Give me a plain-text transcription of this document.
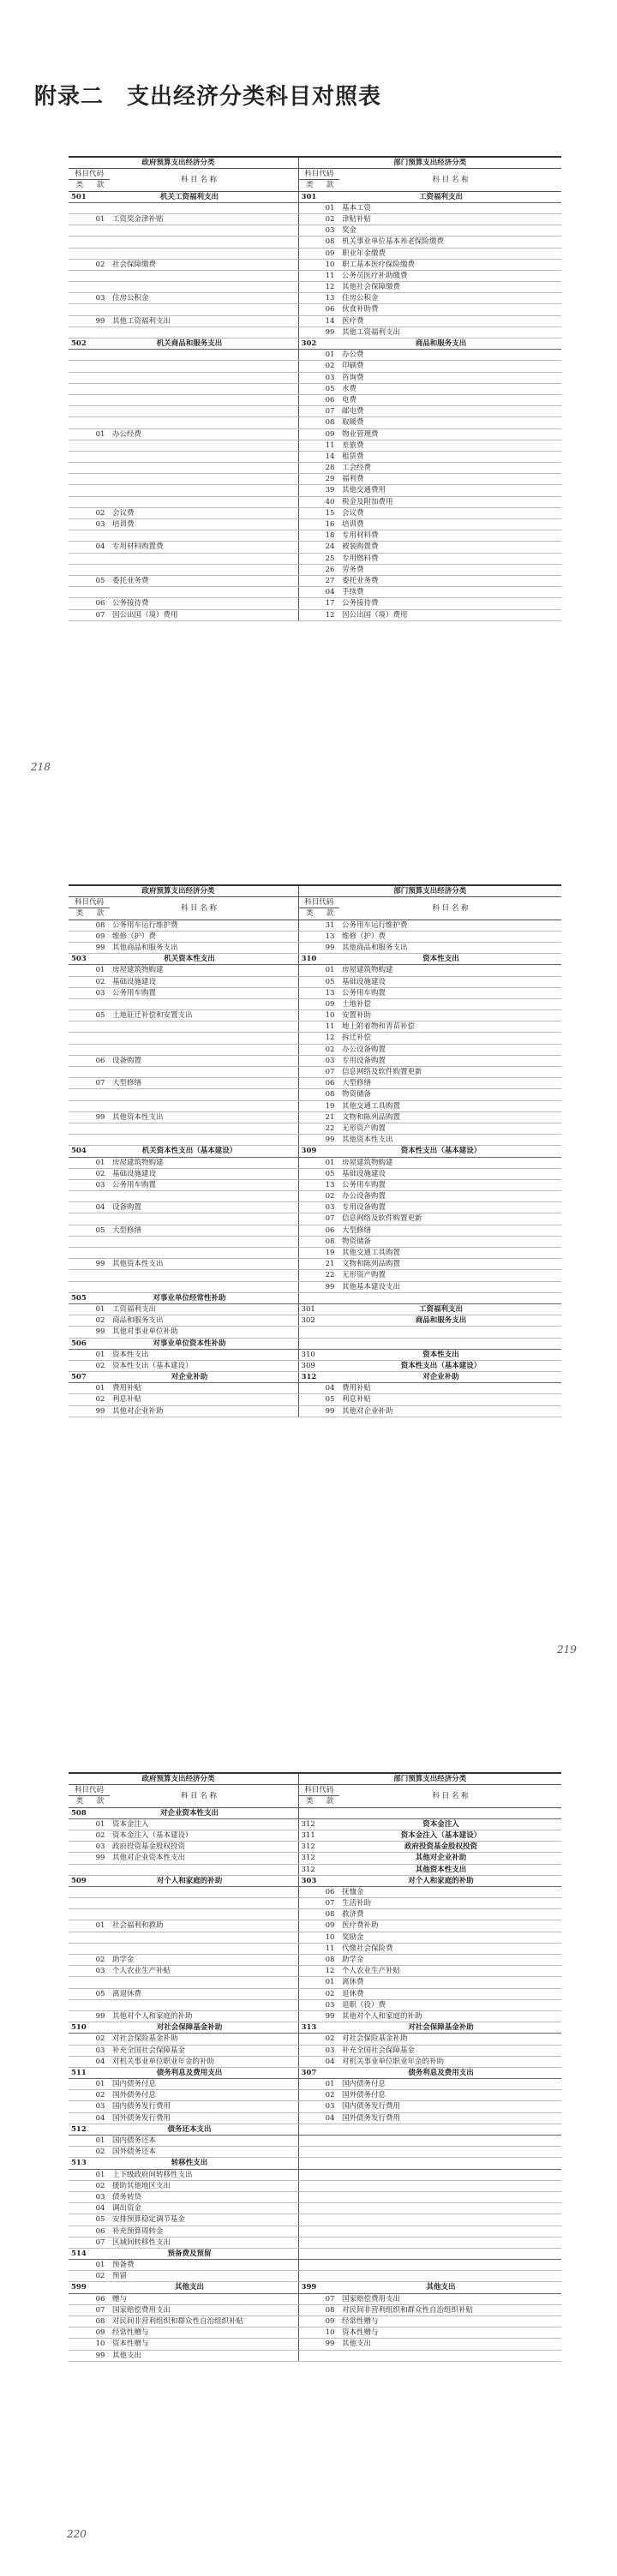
附录二　支出经济分类科目对照表
政府预算支出经济分类				部门预算支出经济分类		
科目代码		科 目 名 称		科目代码		科 目 名 称
类	款			类	款	
501	机关工资福利支出			301	工资福利支出	
					01	基本工资
	01	工资奖金津补贴			02	津贴补贴
					03	奖金
					08	机关事业单位基本养老保险缴费
					09	职业年金缴费
	02	社会保障缴费			10	职工基本医疗保险缴费
					11	公务员医疗补助缴费
					12	其他社会保障缴费
	03	住房公积金			13	住房公积金
					06	伙食补助费
	99	其他工资福利支出			14	医疗费
					99	其他工资福利支出
502	机关商品和服务支出			302	商品和服务支出	
					01	办公费
					02	印刷费
					03	咨询费
					05	水费
					06	电费
					07	邮电费
					08	取暖费
	01	办公经费			09	物业管理费
					11	差旅费
					14	租赁费
					28	工会经费
					29	福利费
					39	其他交通费用
					40	税金及附加费用
	02	会议费			15	会议费
	03	培训费			16	培训费
					18	专用材料费
	04	专用材料购置费			24	被装购置费
					25	专用燃料费
					26	劳务费
	05	委托业务费			27	委托业务费
					04	手续费
	06	公务接待费			17	公务接待费
	07	因公出国（境）费用			12	因公出国（境）费用
218
政府预算支出经济分类				部门预算支出经济分类		
科目代码		科 目 名 称		科目代码		科 目 名 称
类	款			类	款	
	08	公务用车运行维护费			31	公务用车运行维护费
	09	维修（护）费			13	维修（护）费
	99	其他商品和服务支出			99	其他商品和服务支出
503	机关资本性支出			310	资本性支出	
	01	房屋建筑物购建			01	房屋建筑物购建
	02	基础设施建设			05	基础设施建设
	03	公务用车购置			13	公务用车购置
					09	土地补偿
	05	土地征迁补偿和安置支出			10	安置补助
					11	地上附着物和青苗补偿
					12	拆迁补偿
					02	办公设备购置
	06	设备购置			03	专用设备购置
					07	信息网络及软件购置更新
	07	大型修缮			06	大型修缮
					08	物资储备
					19	其他交通工具购置
	99	其他资本性支出			21	文物和陈列品购置
					22	无形资产购置
					99	其他资本性支出
504	机关资本性支出（基本建设）			309	资本性支出（基本建设）	
	01	房屋建筑物购建			01	房屋建筑物购建
	02	基础设施建设			05	基础设施建设
	03	公务用车购置			13	公务用车购置
					02	办公设备购置
	04	设备购置			03	专用设备购置
					07	信息网络及软件购置更新
	05	大型修缮			06	大型修缮
					08	物资储备
					19	其他交通工具购置
	99	其他资本性支出			21	文物和陈列品购置
					22	无形资产购置
					99	其他基本建设支出
505	对事业单位经常性补助					
	01	工资福利支出		301	工资福利支出	
	02	商品和服务支出		302	商品和服务支出	
	99	其他对事业单位补助				
506	对事业单位资本性补助					
	01	资本性支出		310	资本性支出	
	02	资本性支出（基本建设）		309	资本性支出（基本建设）	
507	对企业补助			312	对企业补助	
	01	费用补贴			04	费用补贴
	02	利息补贴			05	利息补贴
	99	其他对企业补助			99	其他对企业补助
219
政府预算支出经济分类				部门预算支出经济分类		
科目代码		科 目 名 称		科目代码		科 目 名 称
类	款			类	款	
508	对企业资本性支出					
	01	资本金注入		312	资本金注入	
	02	资本金注入（基本建设）		311	资本金注入（基本建设）	
	03	政府投资基金股权投资		312	政府投资基金股权投资	
	99	其他对企业资本性支出		312	其他对企业补助	
				312	其他资本性支出	
509	对个人和家庭的补助			303	对个人和家庭的补助	
					06	抚恤金
					07	生活补助
					08	救济费
	01	社会福利和救助			09	医疗费补助
					10	奖励金
					11	代缴社会保险费
	02	助学金			08	助学金
	03	个人农业生产补贴			12	个人农业生产补贴
					01	离休费
	05	离退休费			02	退休费
					03	退职（役）费
	99	其他对个人和家庭的补助			99	其他对个人和家庭的补助
510	对社会保障基金补助			313	对社会保障基金补助	
	02	对社会保险基金补助			02	对社会保险基金补助
	03	补充全国社会保障基金			03	补充全国社会保障基金
	04	对机关事业单位职业年金的补助			04	对机关事业单位职业年金的补助
511	债务利息及费用支出			307	债务利息及费用支出	
	01	国内债务付息			01	国内债务付息
	02	国外债务付息			02	国外债务付息
	03	国内债务发行费用			03	国内债务发行费用
	04	国外债务发行费用			04	国外债务发行费用
512	债务还本支出					
	01	国内债务还本				
	02	国外债务还本				
513	转移性支出					
	01	上下级政府间转移性支出				
	02	援助其他地区支出				
	03	债务转贷				
	04	调出资金				
	05	安排预算稳定调节基金				
	06	补充预算周转金				
	07	区域间转移性支出				
514	预备费及预留					
	01	预备费				
	02	预留				
599	其他支出			399	其他支出	
	06	赠与			07	国家赔偿费用支出
	07	国家赔偿费用支出			08	对民间非营利组织和群众性自治组织补贴
	08	对民间非营利组织和群众性自治组织补贴			09	经常性赠与
	09	经常性赠与			10	资本性赠与
	10	资本性赠与			99	其他支出
	99	其他支出				
220
